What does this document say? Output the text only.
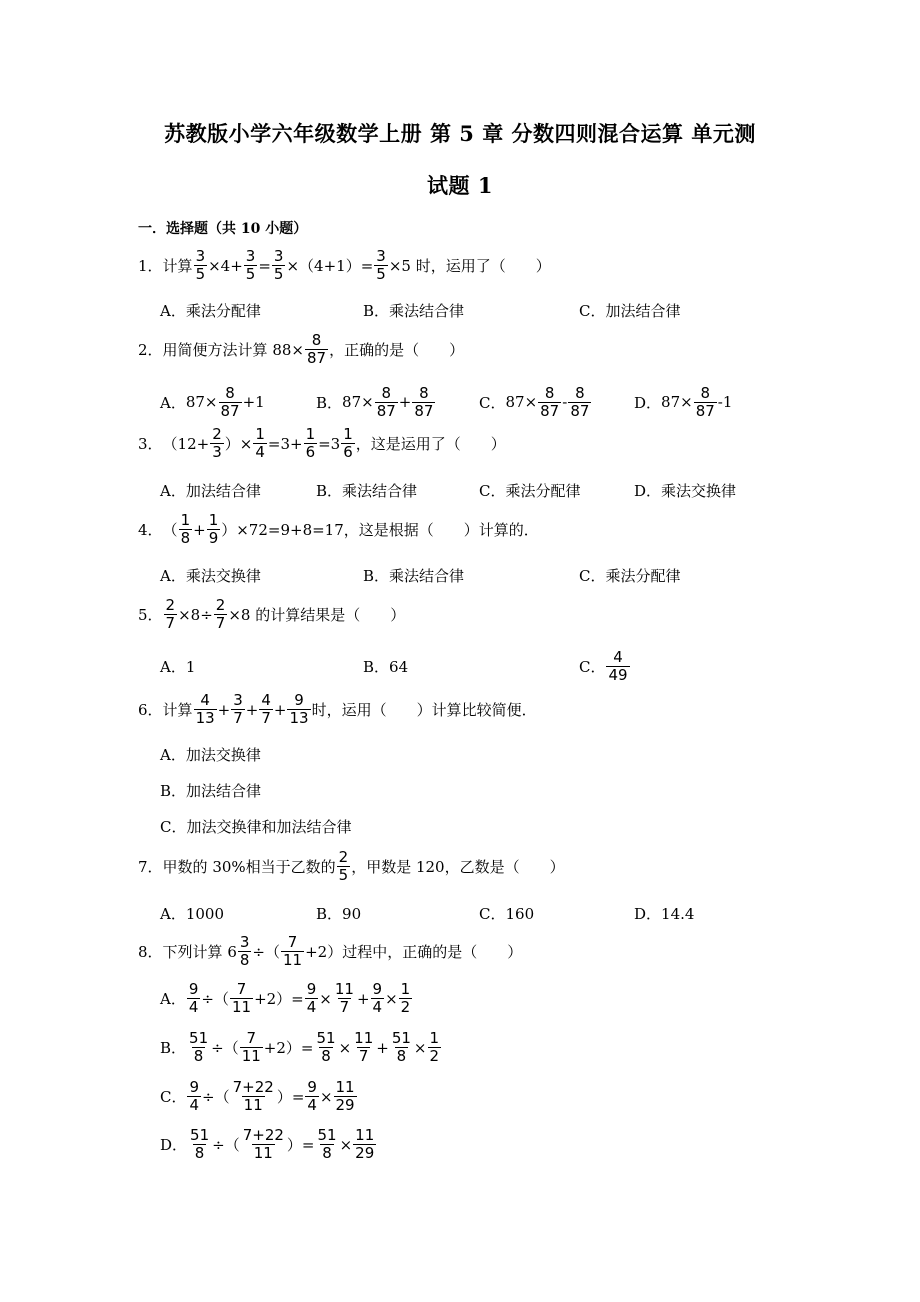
苏教版小学六年级数学上册 第 5 章 分数四则混合运算 单元测
试题 1
一．选择题（共 10 小题）
1． 计算 $\frac{3}{5} \times 4+ \frac{3}{5} = \frac{3}{5} \times(4+1)= \frac{3}{5} \times 5$ 时，运用了（　　）
A．乘法分配律	B．乘法结合律	C．加法结合律
2． 用简便方法计算 $88\times \frac{8}{87}$ ，正确的是（　　）
A． $87\times \frac{8}{87} +1$	B． $87\times \frac{8}{87} + \frac{8}{87}$	C． $87\times \frac{8}{87} - \frac{8}{87}$	D． $87\times \frac{8}{87} -1$
3． （$12+ \frac{2}{3}$ ）× $\frac{1}{4} =3+ \frac{1}{6} =3 \frac{1}{6}$ ，这是运用了（　　）
A．加法结合律	B．乘法结合律	C．乘法分配律	D．乘法交换律
4． （ $\frac{1}{8} + \frac{1}{9} )\times 72=9+8=17$，这是根据（　　）计算的．
A．乘法交换律	B．乘法结合律	C．乘法分配律
5． $\frac{2}{7} \times 8\div \frac{2}{7} \times 8$ 的计算结果是（　　）
A．1	B．64	C． $\frac{4}{49}$
6． 计算 $\frac{4}{13} + \frac{3}{7} + \frac{4}{7} + \frac{9}{13}$ 时，运用（　　）计算比较简便．
A．加法交换律
B．加法结合律
C．加法交换律和加法结合律
7． 甲数的 30%相当于乙数的 $\frac{2}{5}$ ，甲数是 120，乙数是（　　）
A．1000	B．90	C．160	D．14.4
8． 下列计算 $6 \frac{3}{8}$ ÷（ $\frac{7}{11} +2$）过程中，正确的是（　　）
A． $\frac{9}{4}$ ÷（ $\frac{7}{11} +2)= \frac{9}{4} \times \frac{11}{7} + \frac{9}{4} \times \frac{1}{2}$
B． $\frac{51}{8}$ ÷（ $\frac{7}{11} +2)= \frac{51}{8} \times \frac{11}{7} + \frac{51}{8} \times \frac{1}{2}$
C． $\frac{9}{4}$ ÷（ $\frac{7+22}{11}$ ）= $\frac{9}{4} \times \frac{11}{29}$
D． $\frac{51}{8}$ ÷（ $\frac{7+22}{11}$ ）= $\frac{51}{8} \times \frac{11}{29}$
